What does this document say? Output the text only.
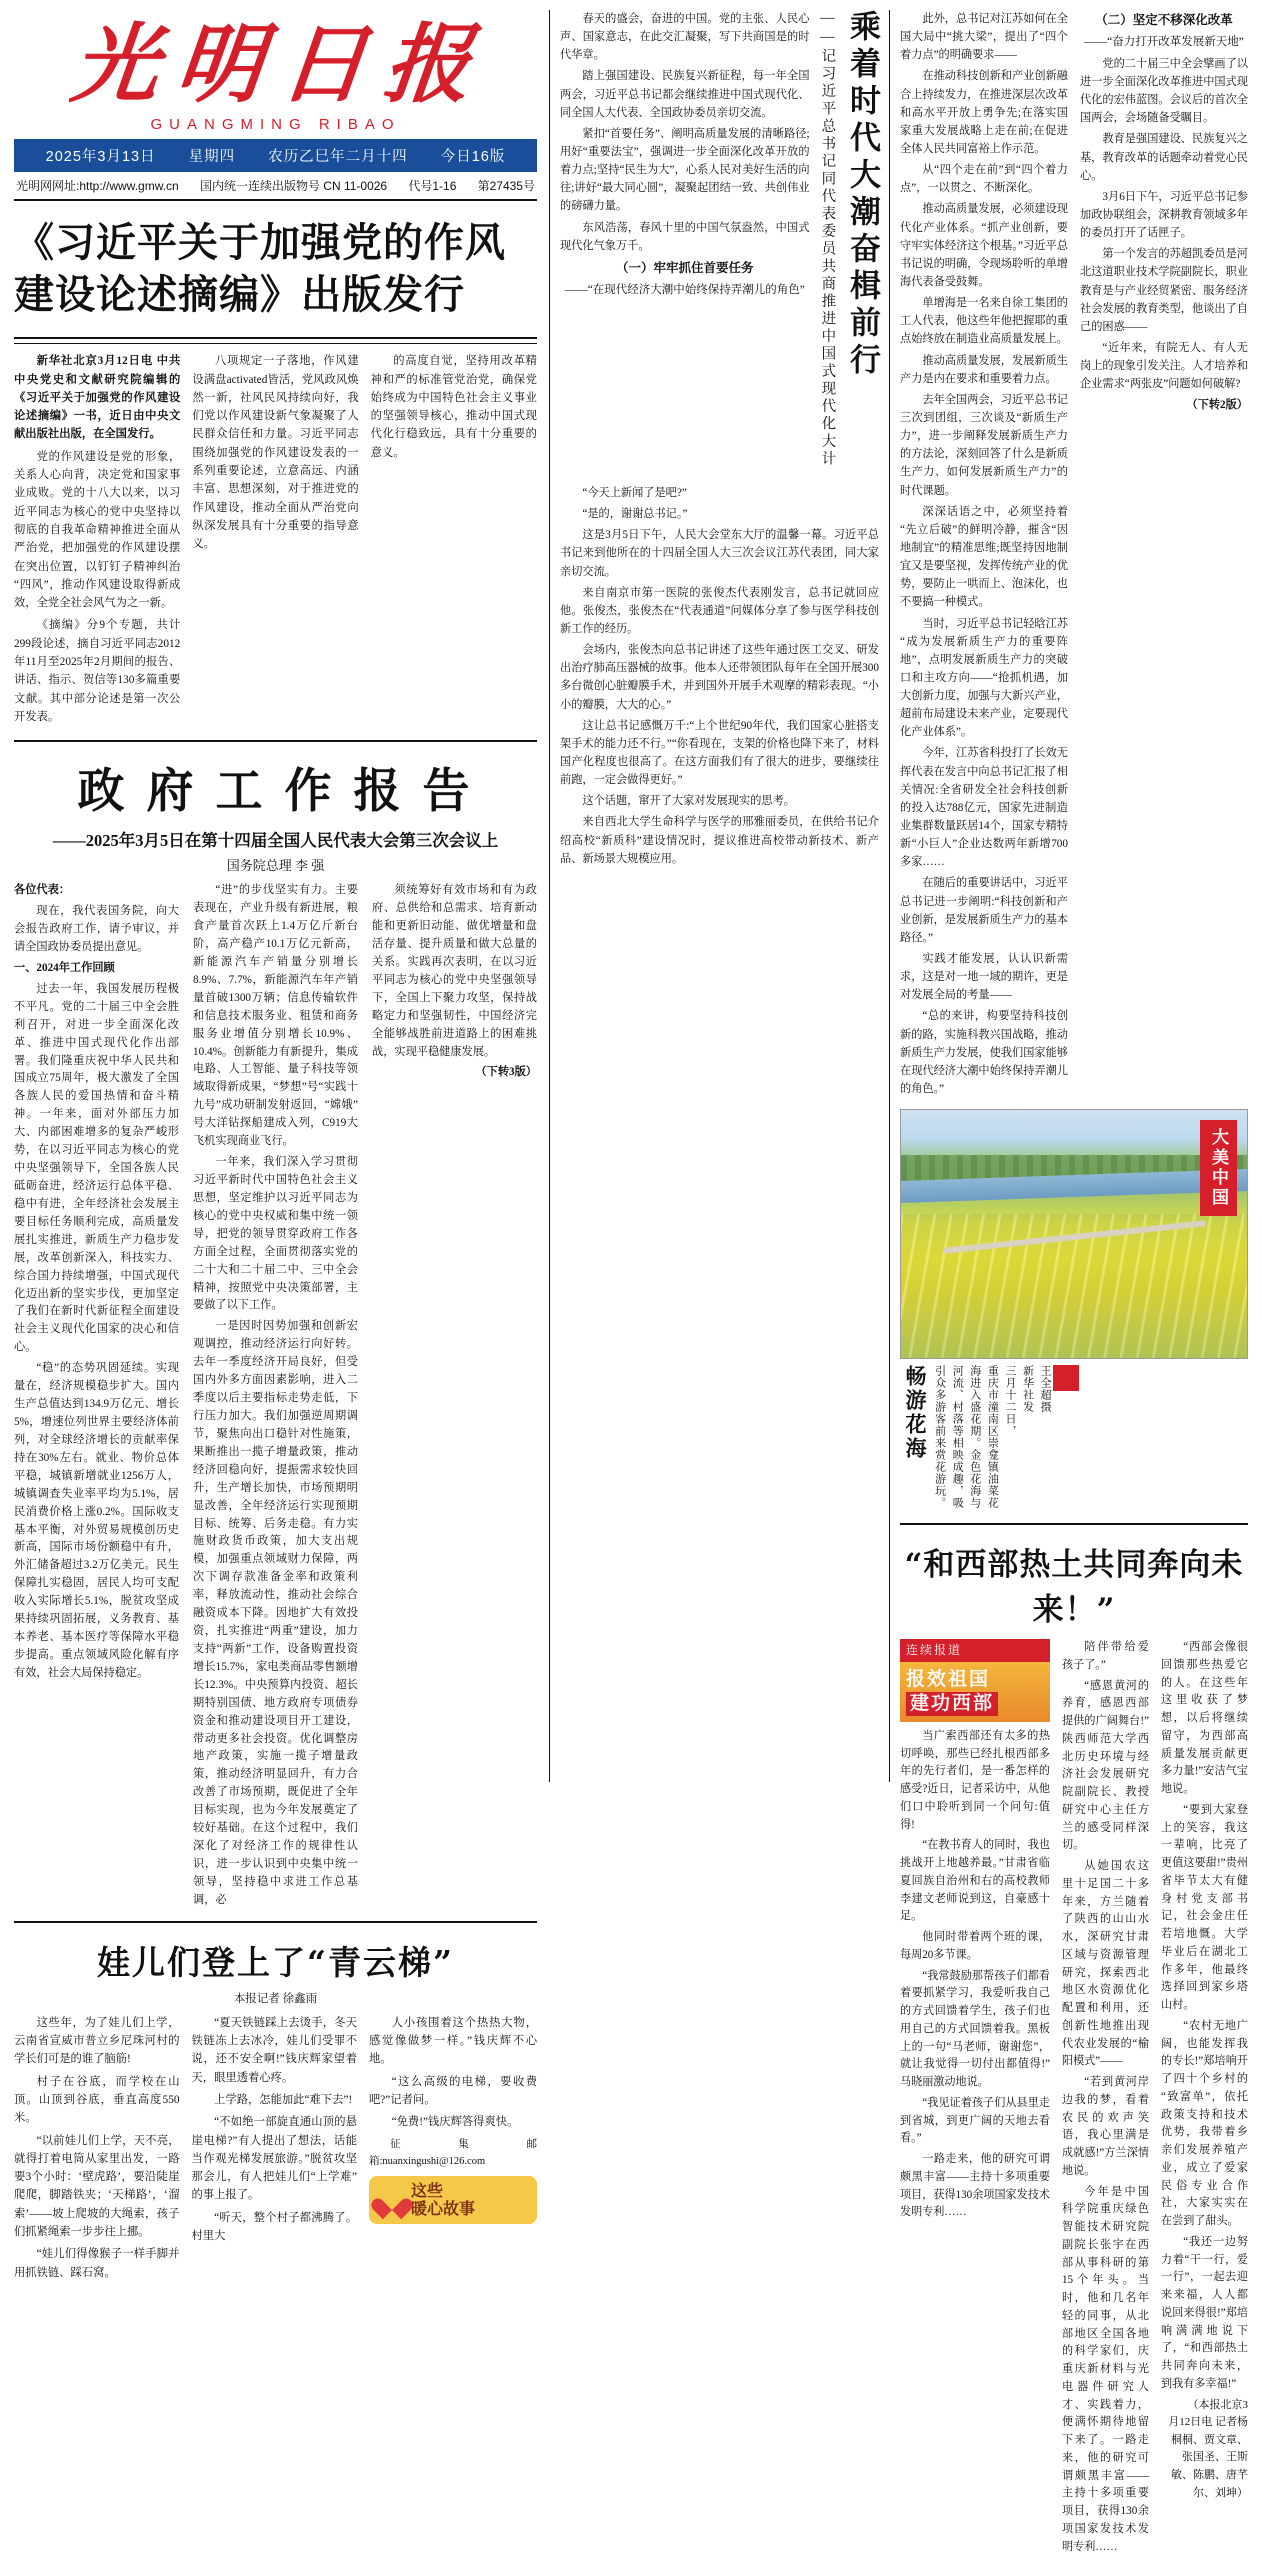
光明日报
GUANGMING RIBAO
2025年3月13日 星期四 农历乙巳年二月十四 今日16版
光明网网址:http://www.gmw.cn 国内统一连续出版物号 CN 11-0026 代号1-16 第27435号
《习近平关于加强党的作风
建设论述摘编》出版发行

新华社北京3月12日电 中共中央党史和文献研究院编辑的《习近平关于加强党的作风建设论述摘编》一书，近日由中央文献出版社出版，在全国发行。

党的作风建设是党的形象，关系人心向背，决定党和国家事业成败。党的十八大以来，以习近平同志为核心的党中央坚持以彻底的自我革命精神推进全面从严治党，把加强党的作风建设摆在突出位置，以钉钉子精神纠治“四风”，推动作风建设取得新成效，全党全社会风气为之一新。

《摘编》分9个专题，共计299段论述，摘自习近平同志2012年11月至2025年2月期间的报告、讲话、指示、贺信等130多篇重要文献。其中部分论述是第一次公开发表。

八项规定一子落地，作风建设满盘activated皆活，党风政风焕然一新，社风民风持续向好，我们党以作风建设新气象凝聚了人民群众信任和力量。习近平同志围绕加强党的作风建设发表的一系列重要论述，立意高远、内涵丰富、思想深刻，对于推进党的作风建设，推动全面从严治党向纵深发展具有十分重要的指导意义。

的高度自觉，坚持用改革精神和严的标准管党治党，确保党始终成为中国特色社会主义事业的坚强领导核心，推动中国式现代化行稳致远，具有十分重要的意义。

政府工作报告
——2025年3月5日在第十四届全国人民代表大会第三次会议上
国务院总理 李 强

各位代表：

现在，我代表国务院，向大会报告政府工作，请予审议，并请全国政协委员提出意见。

一、2024年工作回顾

过去一年，我国发展历程极不平凡。党的二十届三中全会胜利召开，对进一步全面深化改革、推进中国式现代化作出部署。我们隆重庆祝中华人民共和国成立75周年，极大激发了全国各族人民的爱国热情和奋斗精神。一年来，面对外部压力加大、内部困难增多的复杂严峻形势，在以习近平同志为核心的党中央坚强领导下，全国各族人民砥砺奋进，经济运行总体平稳、稳中有进，全年经济社会发展主要目标任务顺利完成，高质量发展扎实推进，新质生产力稳步发展，改革创新深入，科技实力、综合国力持续增强，中国式现代化迈出新的坚实步伐，更加坚定了我们在新时代新征程全面建设社会主义现代化国家的决心和信心。

“稳”的态势巩固延续。实现量在，经济规模稳步扩大。国内生产总值达到134.9万亿元、增长5%，增速位列世界主要经济体前列，对全球经济增长的贡献率保持在30%左右。就业、物价总体平稳，城镇新增就业1256万人，城镇调查失业率平均为5.1%，居民消费价格上涨0.2%。国际收支基本平衡，对外贸易规模创历史新高，国际市场份额稳中有升，外汇储备超过3.2万亿美元。民生保障扎实稳固，居民人均可支配收入实际增长5.1%，脱贫攻坚成果持续巩固拓展，义务教育、基本养老、基本医疗等保障水平稳步提高。重点领域风险化解有序有效，社会大局保持稳定。

“进”的步伐坚实有力。主要表现在，产业升级有新进展，粮食产量首次跃上1.4万亿斤新台阶，高产稳产10.1万亿元新高，新能源汽车产销量分别增长8.9%、7.7%，新能源汽车年产销量首破1300万辆；信息传输软件和信息技术服务业、租赁和商务服务业增值分别增长10.9%、10.4%。创新能力有新提升，集成电路、人工智能、量子科技等领域取得新成果，“梦想”号“实践十九号”成功研制发射返回，“嫦娥”号大洋钻探船建成入列，C919大飞机实现商业飞行。

一年来，我们深入学习贯彻习近平新时代中国特色社会主义思想，坚定维护以习近平同志为核心的党中央权威和集中统一领导，把党的领导贯穿政府工作各方面全过程，全面贯彻落实党的二十大和二十届二中、三中全会精神，按照党中央决策部署，主要做了以下工作。

一是因时因势加强和创新宏观调控，推动经济运行向好转。去年一季度经济开局良好，但受国内外多方面因素影响，进入二季度以后主要指标走势走低，下行压力加大。我们加强逆周期调节，聚焦向出口稳针对性施策，果断推出一揽子增量政策，推动经济回稳向好，提振需求较快回升，生产增长加快，市场预期明显改善，全年经济运行实现预期目标、统筹、后务走稳。有力实施财政货币政策，加大支出规模，加强重点领域财力保障，两次下调存款准备金率和政策利率，释放流动性，推动社会综合融资成本下降。因地扩大有效投资，扎实推进“两重”建设，加力支持“两新”工作，设备购置投资增长15.7%，家电类商品零售额增长12.3%。中央预算内投资、超长期特别国债、地方政府专项债券资金和推动建设项目开工建设，带动更多社会投资。优化调整房地产政策，实施一揽子增量政策，推动经济明显回升，有力合改善了市场预期，既促进了全年目标实现，也为今年发展奠定了较好基础。在这个过程中，我们深化了对经济工作的规律性认识，进一步认识到中央集中统一领导，坚持稳中求进工作总基调，必

须统筹好有效市场和有为政府、总供给和总需求、培育新动能和更新旧动能、做优增量和盘活存量、提升质量和做大总量的关系。实践再次表明，在以习近平同志为核心的党中央坚强领导下，全国上下聚力攻坚，保持战略定力和坚强韧性，中国经济完全能够战胜前进道路上的困难挑战，实现平稳健康发展。

（下转3版）

娃儿们登上了“青云梯”
本报记者 徐鑫雨

这些年，为了娃儿们上学，云南省宣威市普立乡尼珠河村的学长们可是的谁了脑筋!

村子在谷底，而学校在山顶。山顶到谷底，垂直高度550米。

“以前娃儿们上学，天不亮，就得打着电筒从家里出发，一路要3个小时：‘壁虎路’，要沿陡崖爬爬，脚踏铁夹；‘天梯路’，‘溜索’——坡上爬坡的大绳索，孩子们抓紧绳索一步步往上挪。

“娃儿们得像猴子一样手脚并用抓铁链、踩石窝。

“夏天铁链踩上去烫手，冬天铁链冻上去冰冷，娃儿们受罪不说，还不安全啊!”钱庆辉家望着天，眼里透着心疼。

上学路，怎能加此“难下去”!

“不如绝一部旋直通山顶的悬崖电梯?”有人提出了想法，话能当作观光梯发展旅游。”脱贫攻坚那会儿，有人把娃儿们“上学难”的事上报了。

“听天，整个村子都沸腾了。村里大

人小孩围着这个热热大物，感觉像做梦一样。”钱庆辉不心地。

“这么高级的电梯，要收费吧?”记者问。

“免费!”钱庆辉答得爽快。

征集邮箱:nuanxingushi@126.com

这些
暖心故事
乘着时代大潮奋楫前行
——记习近平总书记同代表委员共商推进中国式现代化大计

春天的盛会，奋进的中国。党的主张、人民心声、国家意志，在此交汇凝聚，写下共商国是的时代华章。

踏上强国建设、民族复兴新征程，每一年全国两会，习近平总书记都会继续推进中国式现代化、同全国人大代表、全国政协委员亲切交流。

紧扣“首要任务”、阐明高质量发展的清晰路径;用好“重要法宝”，强调进一步全面深化改革开放的着力点;坚持“民生为大”，心系人民对美好生活的向往;讲好“最大同心圆”，凝聚起团结一致、共创伟业的磅礴力量。

东风浩荡，春风十里的中国气氛盎然，中国式现代化气象万千。

（一）牢牢抓住首要任务

——“在现代经济大潮中始终保持弄潮儿的角色”

“今天上新闻了是吧?”

“是的，谢谢总书记。”

这是3月5日下午，人民大会堂东大厅的温馨一幕。习近平总书记来到他所在的十四届全国人大三次会议江苏代表团，同大家亲切交流。

来自南京市第一医院的张俊杰代表刚发言，总书记就回应他。张俊杰，张俊杰在“代表通道”问媒体分享了参与医学科技创新工作的经历。

会场内，张俊杰向总书记讲述了这些年通过医工交叉、研发出治疗肺高压器械的故事。他本人还带领团队每年在全国开展300多台微创心脏瓣膜手术，并到国外开展手术观摩的精彩表现。“小小的瓣膜，大大的心。”

这让总书记感慨万千:“上个世纪90年代，我们国家心脏搭支架手术的能力还不行。”“你看现在，支架的价格也降下来了，材料国产化程度也很高了。在这方面我们有了很大的进步，要继续往前跑，一定会做得更好。”

这个话题，窜开了大家对发展现实的思考。

来自西北大学生命科学与医学的邢雅丽委员，在供给书记介绍高校“新质科”建设情况时，提议推进高校带动新技术、新产品、新场景大规模应用。

此外，总书记对江苏如何在全国大局中“挑大梁”，提出了“四个着力点”的明确要求——

在推动科技创新和产业创新融合上持续发力，在推进深层次改革和高水平开放上勇争先;在落实国家重大发展战略上走在前;在促进全体人民共同富裕上作示范。

从“四个走在前”到“四个着力点”，一以贯之、不断深化。

推动高质量发展，必须建设现代化产业体系。“抓产业创新，要守牢实体经济这个根基。”习近平总书记说的明确，令现场聆听的单增海代表备受鼓舞。

单增海是一名来自徐工集团的工人代表，他这些年他把握耶的重点始终放在制造业高质量发展上。

推动高质量发展，发展新质生产力是内在要求和重要着力点。

去年全国两会，习近平总书记三次到团组，三次谈及“新质生产力”，进一步阐释发展新质生产力的方法论，深刻回答了什么是新质生产力、如何发展新质生产力”的时代课题。

深深话语之中，必须坚持着“先立后破”的鲜明冷静，摧含“因地制宜”的精准思维;既坚持因地制宜又是要坚视，发挥传统产业的优势，要防止一哄而上、泡沫化，也不要搞一种模式。

当时，习近平总书记轻晗江苏“成为发展新质生产力的重要阵地”，点明发展新质生产力的突破口和主攻方向——“抢抓机遇，加大创新力度，加强与大新兴产业，超前布局建设未来产业，定要现代化产业体系”。

今年，江苏省科投打了长效无挥代表在发言中向总书记汇报了相关情况:全省研发全社会科技创新的投入达788亿元，国家先进制造业集群数量跃居14个，国家专精特新“小巨人”企业达数两年新增700多家……

在随后的重要讲话中，习近平总书记进一步阐明:“科技创新和产业创新，是发展新质生产力的基本路径。”

实践才能发展，认认识新需求，这是对一地一域的期许，更是对发展全局的考量——

“总的来讲，构要坚持科技创新的路，实施科教兴国战略，推动新质生产力发展，使我们国家能够在现代经济大潮中始终保持弄潮儿的角色。”

（二）坚定不移深化改革

——“奋力打开改革发展新天地”

党的二十届三中全会擘画了以进一步全面深化改革推进中国式现代化的宏伟蓝图。会议后的首次全国两会，会场随备受瞩目。

教育是强国建设、民族复兴之基，教育改革的话题牵动着党心民心。

3月6日下午，习近平总书记参加政协联组会，深耕教育领域多年的委员打开了话匣子。

第一个发言的苏超凯委员是河北这道职业技术学院副院长，职业教育是与产业经贸紧密、服务经济社会发展的教育类型，他谈出了自己的困惑——

“近年来，有院无人、有人无岗上的现象引发关注。人才培养和企业需求“两张皮”问题如何破解?

（下转2版）

大美中国
畅游花海	重庆市潼南区崇龛镇油菜花海进入盛花期。金色花海与河流、村落等相映成趣，吸引众多游客前来赏花游玩。	三月十二日， 新华社发 王全超摄
“和西部热土共同奔向未来！”
连续报道
报效祖国
建功西部

当广索西部还有太多的热切呼唤，那些已经扎根西部多年的先行者们，是一番怎样的感受?近日，记者采访中，从他们口中聆听到同一个问句:值得!

“在教书育人的同时，我也挑战开上地越养最。”甘肃省临夏回族自治州和右的高校教师李建文老师说到这，自豪感十足。

他同时带着两个班的课，每周20多节课。

“我常鼓励那帮孩子们都看着要抓紧学习，我爱听我自己的方式回馈着学生，孩子们也用自己的方式回馈着我。黑板上的一句“马老师，谢谢您”，就让我觉得一切付出都值得!”马晓丽激动地说。

“我见证着孩子们从县里走到省城，到更广阔的天地去看看。”

一路走来，他的研究可谓颇黑丰富——主持十多项重要项目，获得130余项国家发技术发明专利……

陪伴带给爱孩子了。”

“感恩黄河的养育，感恩西部提供的广阔舞台!”陕西师范大学西北历史环境与经济社会发展研究院副院长、教授研究中心主任方兰的感受同样深切。

从她国农这里十足国二十多年来，方兰随着了陕西的山山水水，深研究甘肃区域与资源管理研究，探索西北地区水资源优化配置和利用，还创新性地推出现代农业发展的“榆阳模式”——

“若到黄河岸边我的梦，看着农民的欢声笑语，我心里满是成就感!”方兰深情地说。

今年是中国科学院重庆绿色智能技术研究院副院长张宇在西部从事科研的第15个年头。当时，他和几名年轻的同事，从北部地区全国各地的科学家们，庆重庆新材料与光电器件研究人才、实践着力，便满怀期待地留下来了。一路走来，他的研究可谓颇黑丰富——主持十多项重要项目，获得130余项国家发技术发明专利……

“西部会像很回馈那些热爱它的人。在这些年这里收获了梦想，以后将继续留守，为西部高质量发展贡献更多力量!”安洁气宝地说。

“要到大家登上的笑容，我这一辈响，比亮了更值这要甜!”贵州省毕节太大有健身村党支部书记，社会金庄任若培地慨。大学毕业后在湖北工作多年，他最终选择回到家乡塔山村。

“农村无地广阔，也能发挥我的专长!”郑培响开了四十个乡村的“致富单”，依托政策支持和技术优势，我带着乡亲们发展养殖产业，成立了爱家民俗专业合作社，大家实实在在尝到了甜头。

“我还一边努力着“干一行，爱一行”，一起去迎来来福，人人都说回来得很!”郑培响满满地说下了，“和西部热土共同奔向未来，到我有多幸福!”

（本报北京3月12日电 记者杨桐桐、贾文章、张国圣、王斯敏、陈鹏、唐芊尔、刘坤）
